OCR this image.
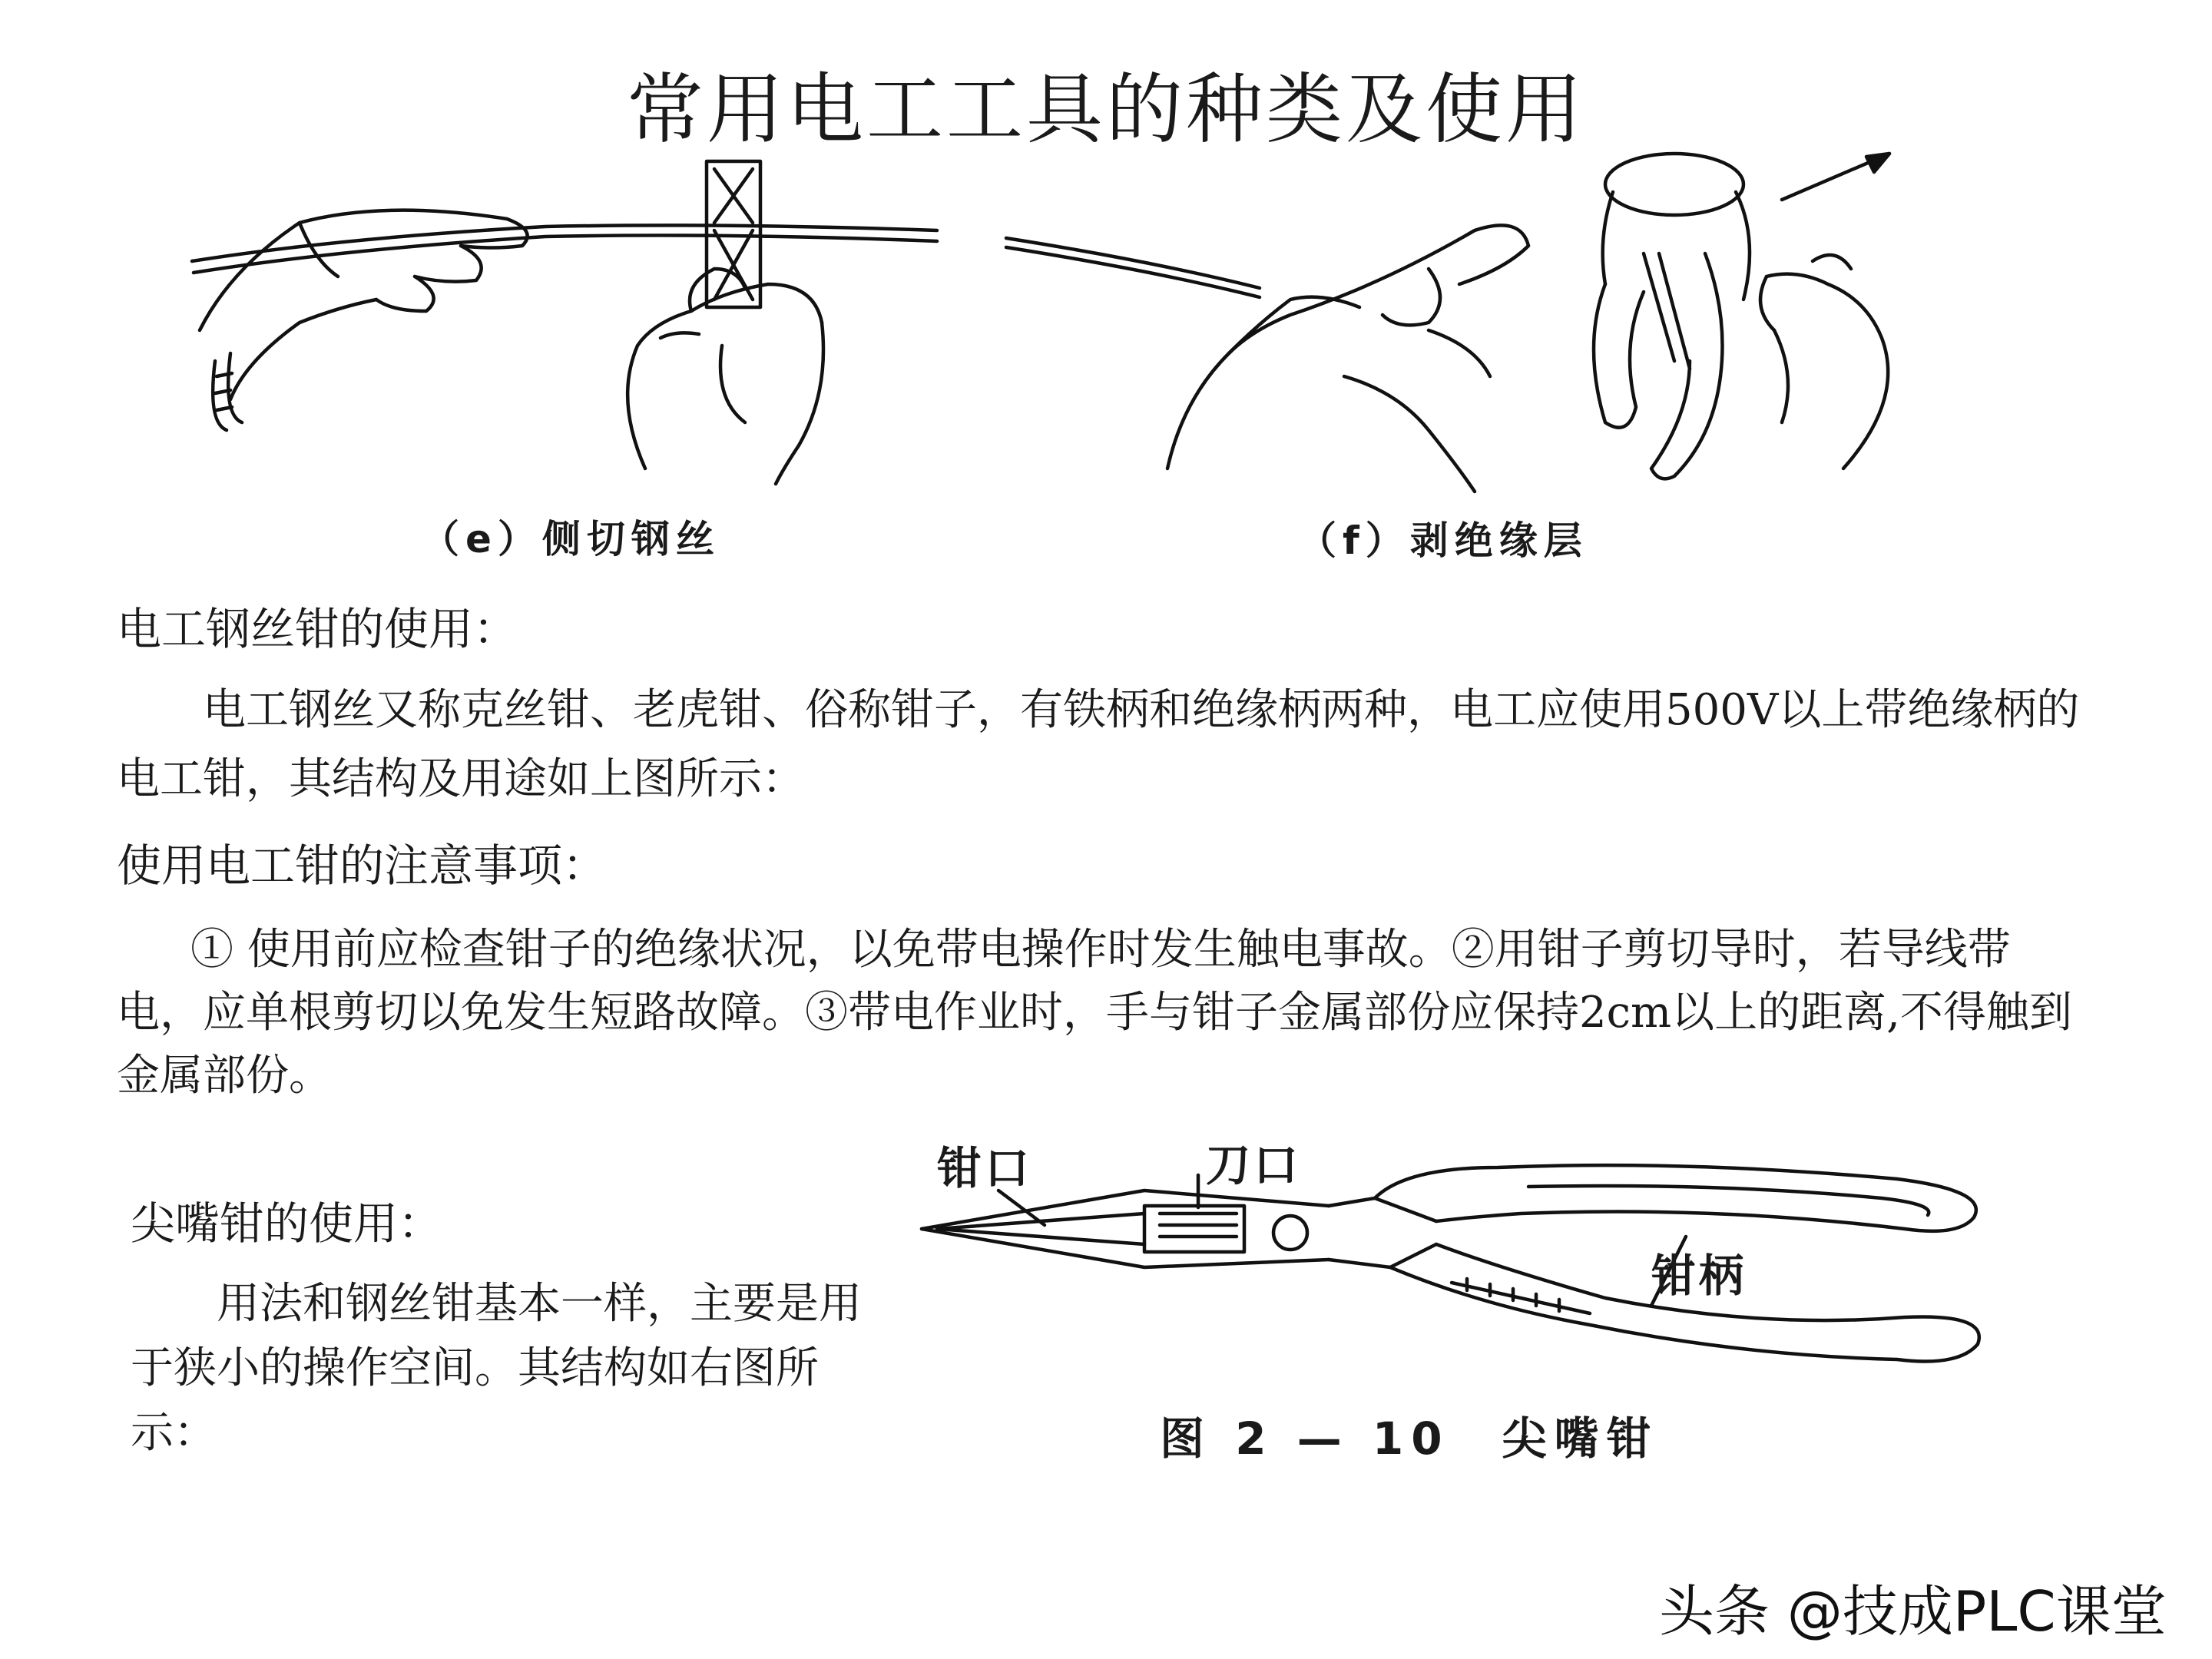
常用电工工具的种类及使用
（e）侧切钢丝	（f）剥绝缘层
电工钢丝钳的使用：
电工钢丝又称克丝钳、老虎钳、俗称钳子，有铁柄和绝缘柄两种，电工应使用500V以上带绝缘柄的电工钳，其结构及用途如上图所示：
使用电工钳的注意事项：
① 使用前应检查钳子的绝缘状况，以免带电操作时发生触电事故。②用钳子剪切导时，若导线带电，应单根剪切以免发生短路故障。③带电作业时，手与钳子金属部份应保持2cm以上的距离,不得触到金属部份。
尖嘴钳的使用：
用法和钢丝钳基本一样，主要是用于狭小的操作空间。其结构如右图所示：
钳口	刀口
钳柄
图 2 — 10　尖嘴钳
头条 @技成PLC课堂
